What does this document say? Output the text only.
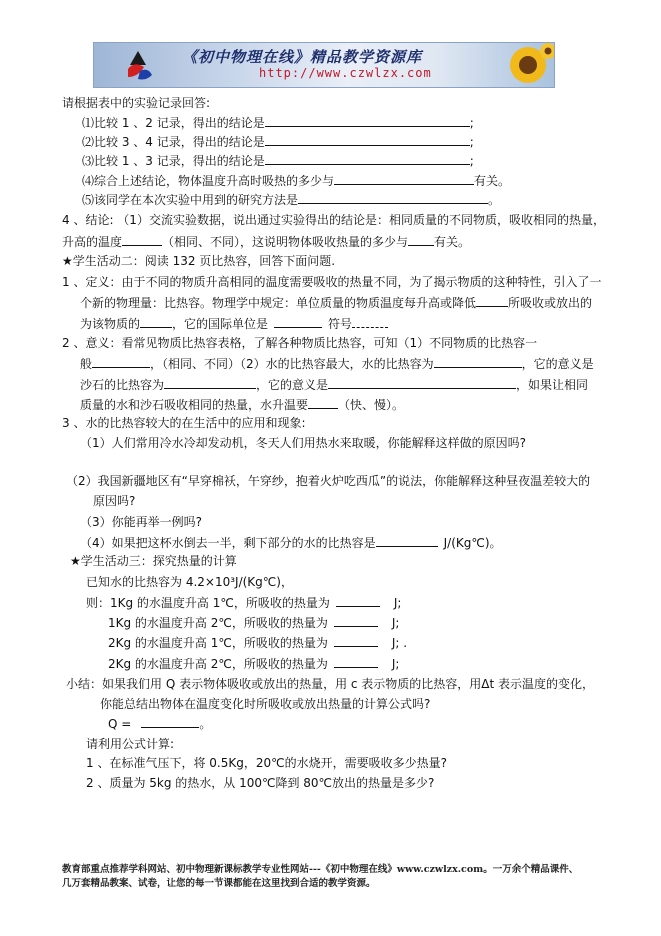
《初中物理在线》精品教学资源库
http://www.czwlzx.com
请根据表中的实验记录回答:
⑴比较 1 、2 记录，得出的结论是	;
⑵比较 3 、4 记录，得出的结论是	;
⑶比较 1 、3 记录，得出的结论是	;
⑷综合上述结论，物体温度升高时吸热的多少与	有关。
⑸该同学在本次实验中用到的研究方法是	。
4 、结论: （1）交流实验数据，说出通过实验得出的结论是：相同质量的不同物质，吸收相同的热量，
升高的温度	（相同、不同），这说明物体吸收热量的多少与 有关。
★学生活动二：阅读 132 页比热容，回答下面问题.
1 、定义：由于不同的物质升高相同的温度需要吸收的热量不同，为了揭示物质的这种特性，引入了一
个新的物理量：比热容。物理学中规定：单位质量的物质温度每升高或降低	所吸收或放出的
为该物质的	，它的国际单位是	符号
2 、意义：看常见物质比热容表格，了解各种物质比热容，可知（1）不同物质的比热容一
般	，（相同、不同）（2）水的比热容最大，水的比热容为	，它的意义是
沙石的比热容为	，它的意义是	，如果让相同
质量的水和沙石吸收相同的热量，水升温要	（快、慢）。
3 、水的比热容较大的在生活中的应用和现象:
（1）人们常用冷水冷却发动机，冬天人们用热水来取暖，你能解释这样做的原因吗?
（2）我国新疆地区有“早穿棉袄，午穿纱，抱着火炉吃西瓜”的说法，你能解释这种昼夜温差较大的
原因吗?
（3）你能再举一例吗?
（4）如果把这杯水倒去一半，剩下部分的水的比热容是	J/(Kg℃)。
★学生活动三：探究热量的计算
已知水的比热容为 4.2×10³J/(Kg℃)，
则：1Kg 的水温度升高 1℃，所吸收的热量为	J;
1Kg 的水温度升高 2℃，所吸收的热量为	J;
2Kg 的水温度升高 1℃，所吸收的热量为	J; .
2Kg 的水温度升高 2℃，所吸收的热量为	J;
小结：如果我们用 Q 表示物体吸收或放出的热量，用 c 表示物质的比热容，用Δt 表示温度的变化，
你能总结出物体在温度变化时所吸收或放出热量的计算公式吗?
Q =	。
请利用公式计算:
1 、在标准气压下，将 0.5Kg，20℃的水烧开，需要吸收多少热量?
2 、质量为 5kg 的热水，从 100℃降到 80℃放出的热量是多少?
教育部重点推荐学科网站、初中物理新课标教学专业性网站---《初中物理在线》www.czwlzx.com。一万余个精品课件、
几万套精品教案、试卷，让您的每一节课都能在这里找到合适的教学资源。
